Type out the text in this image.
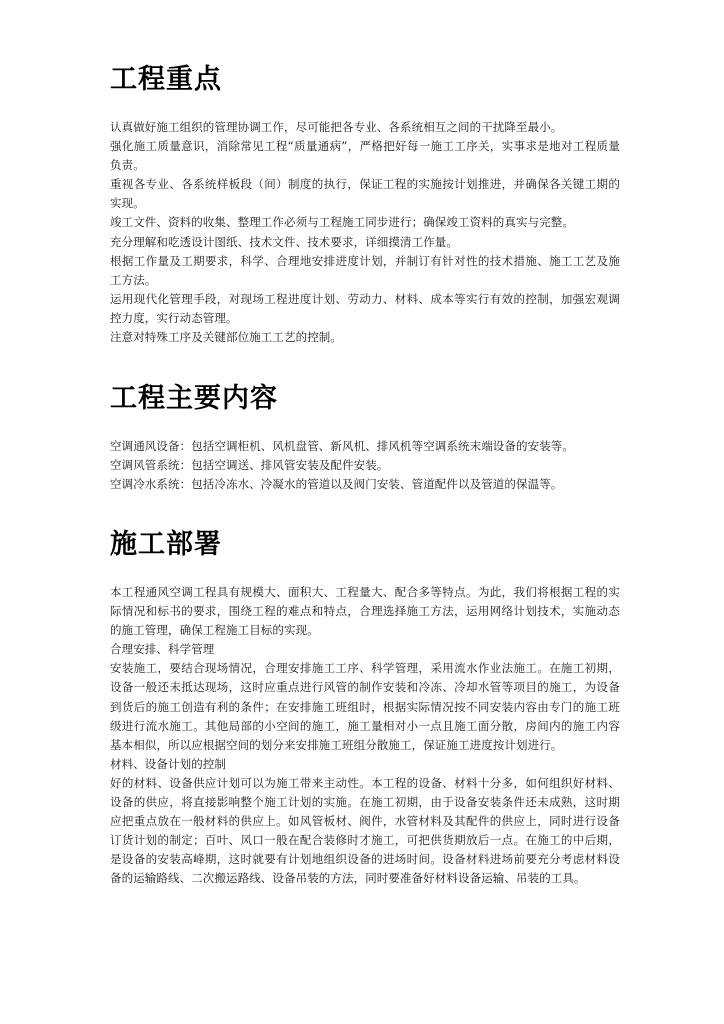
工程重点

认真做好施工组织的管理协调工作，尽可能把各专业、各系统相互之间的干扰降至最小。

强化施工质量意识，消除常见工程“质量通病”，严格把好每一施工工序关，实事求是地对工程质量负责。

重视各专业、各系统样板段（间）制度的执行，保证工程的实施按计划推进，并确保各关键工期的实现。

竣工文件、资料的收集、整理工作必须与工程施工同步进行；确保竣工资料的真实与完整。

充分理解和吃透设计图纸、技术文件、技术要求，详细摸清工作量。

根据工作量及工期要求，科学、合理地安排进度计划，并制订有针对性的技术措施、施工工艺及施工方法。

运用现代化管理手段，对现场工程进度计划、劳动力、材料、成本等实行有效的控制，加强宏观调控力度，实行动态管理。

注意对特殊工序及关键部位施工工艺的控制。

工程主要内容

空调通风设备：包括空调柜机、风机盘管、新风机、排风机等空调系统末端设备的安装等。

空调风管系统：包括空调送、排风管安装及配件安装。

空调冷水系统：包括冷冻水、冷凝水的管道以及阀门安装、管道配件以及管道的保温等。

施工部署

本工程通风空调工程具有规模大、面积大、工程量大、配合多等特点。为此，我们将根据工程的实际情况和标书的要求，围绕工程的难点和特点，合理选择施工方法，运用网络计划技术，实施动态的施工管理，确保工程施工目标的实现。

合理安排、科学管理

安装施工，要结合现场情况，合理安排施工工序、科学管理，采用流水作业法施工。在施工初期，设备一般还未抵达现场，这时应重点进行风管的制作安装和冷冻、冷却水管等项目的施工，为设备到货后的施工创造有利的条件；在安排施工班组时，根据实际情况按不同安装内容由专门的施工班级进行流水施工。其他局部的小空间的施工，施工量相对小一点且施工面分散，房间内的施工内容基本相似，所以应根据空间的划分来安排施工班组分散施工，保证施工进度按计划进行。

材料、设备计划的控制

好的材料、设备供应计划可以为施工带来主动性。本工程的设备、材料十分多，如何组织好材料、设备的供应，将直接影响整个施工计划的实施。在施工初期，由于设备安装条件还未成熟，这时期应把重点放在一般材料的供应上。如风管板材、阀件，水管材料及其配件的供应上，同时进行设备订货计划的制定；百叶、风口一般在配合装修时才施工，可把供货期放后一点。在施工的中后期，是设备的安装高峰期，这时就要有计划地组织设备的进场时间。设备材料进场前要充分考虑材料设备的运输路线、二次搬运路线、设备吊装的方法，同时要准备好材料设备运输、吊装的工具。
